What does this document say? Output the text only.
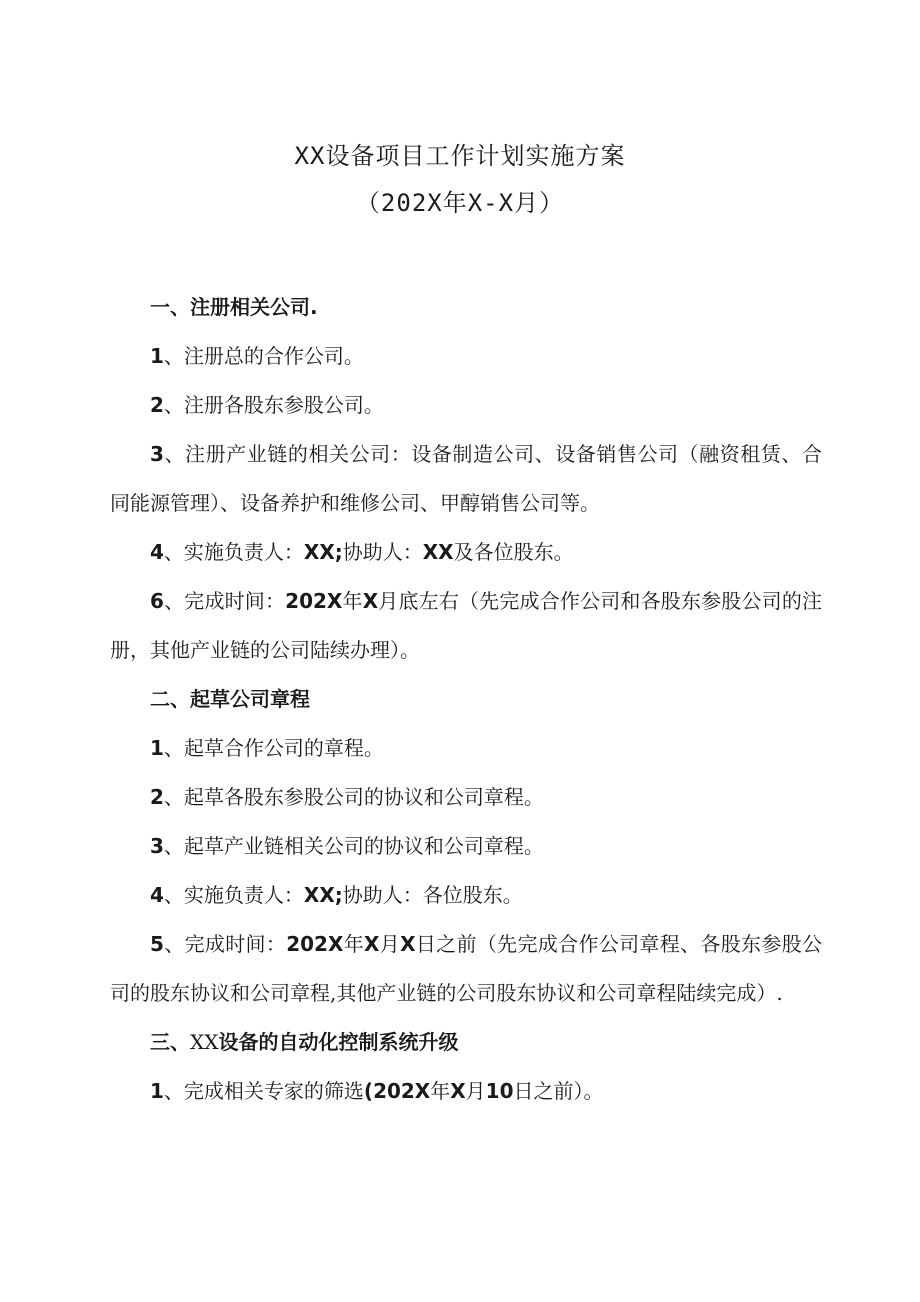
XX设备项目工作计划实施方案
（202X年X-X月）

一、注册相关公司.

1、注册总的合作公司。

2、注册各股东参股公司。

3、注册产业链的相关公司：设备制造公司、设备销售公司（融资租赁、合同能源管理）、设备养护和维修公司、甲醇销售公司等。

4、实施负责人：XX;协助人：XX及各位股东。

6、完成时间：202X年X月底左右（先完成合作公司和各股东参股公司的注册，其他产业链的公司陆续办理）。

二、起草公司章程

1、起草合作公司的章程。

2、起草各股东参股公司的协议和公司章程。

3、起草产业链相关公司的协议和公司章程。

4、实施负责人：XX;协助人：各位股东。

5、完成时间：202X年X月X日之前（先完成合作公司章程、各股东参股公司的股东协议和公司章程,其他产业链的公司股东协议和公司章程陆续完成）.

三、XX设备的自动化控制系统升级

1、完成相关专家的筛选(202X年X月10日之前）。
